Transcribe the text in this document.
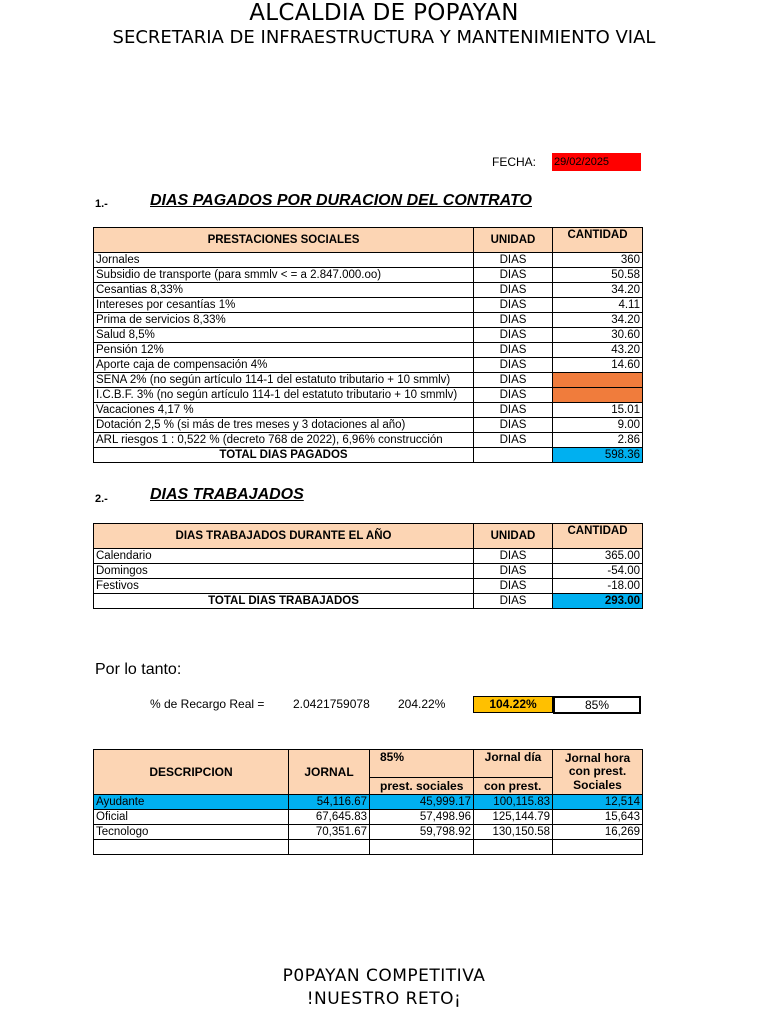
ALCALDIA DE POPAYAN
SECRETARIA DE INFRAESTRUCTURA Y MANTENIMIENTO VIAL
FECHA: 29/02/2025
1.-	DIAS PAGADOS POR DURACION DEL CONTRATO
PRESTACIONES SOCIALES	UNIDAD	CANTIDAD
Jornales	DIAS	360
Subsidio de transporte (para smmlv < = a 2.847.000.oo)	DIAS	50.58
Cesantias 8,33%	DIAS	34.20
Intereses por cesantías 1%	DIAS	4.11
Prima de servicios 8,33%	DIAS	34.20
Salud 8,5%	DIAS	30.60
Pensión 12%	DIAS	43.20
Aporte caja de compensación 4%	DIAS	14.60
SENA 2% (no según artículo 114-1 del estatuto tributario + 10 smmlv)	DIAS	
I.C.B.F. 3% (no según artículo 114-1 del estatuto tributario + 10 smmlv)	DIAS	
Vacaciones 4,17 %	DIAS	15.01
Dotación 2,5 % (si más de tres meses y 3 dotaciones al año)	DIAS	9.00
ARL riesgos 1 : 0,522 % (decreto 768 de 2022), 6,96% construcción	DIAS	2.86
TOTAL DIAS PAGADOS		598.36
2.-	DIAS TRABAJADOS
DIAS TRABAJADOS DURANTE EL AÑO	UNIDAD	CANTIDAD
Calendario	DIAS	365.00
Domingos	DIAS	-54.00
Festivos	DIAS	-18.00
TOTAL DIAS TRABAJADOS	DIAS	293.00
Por lo tanto:
% de Recargo Real = 2.0421759078 204.22%	104.22%	85%
DESCRIPCION	JORNAL	85%	Jornal día	Jornal hora con prest. Sociales
		prest. sociales	con prest.	
Ayudante	54,116.67	45,999.17	100,115.83	12,514
Oficial	67,645.83	57,498.96	125,144.79	15,643
Tecnologo	70,351.67	59,798.92	130,150.58	16,269

P0PAYAN COMPETITIVA
!NUESTRO RETO¡
